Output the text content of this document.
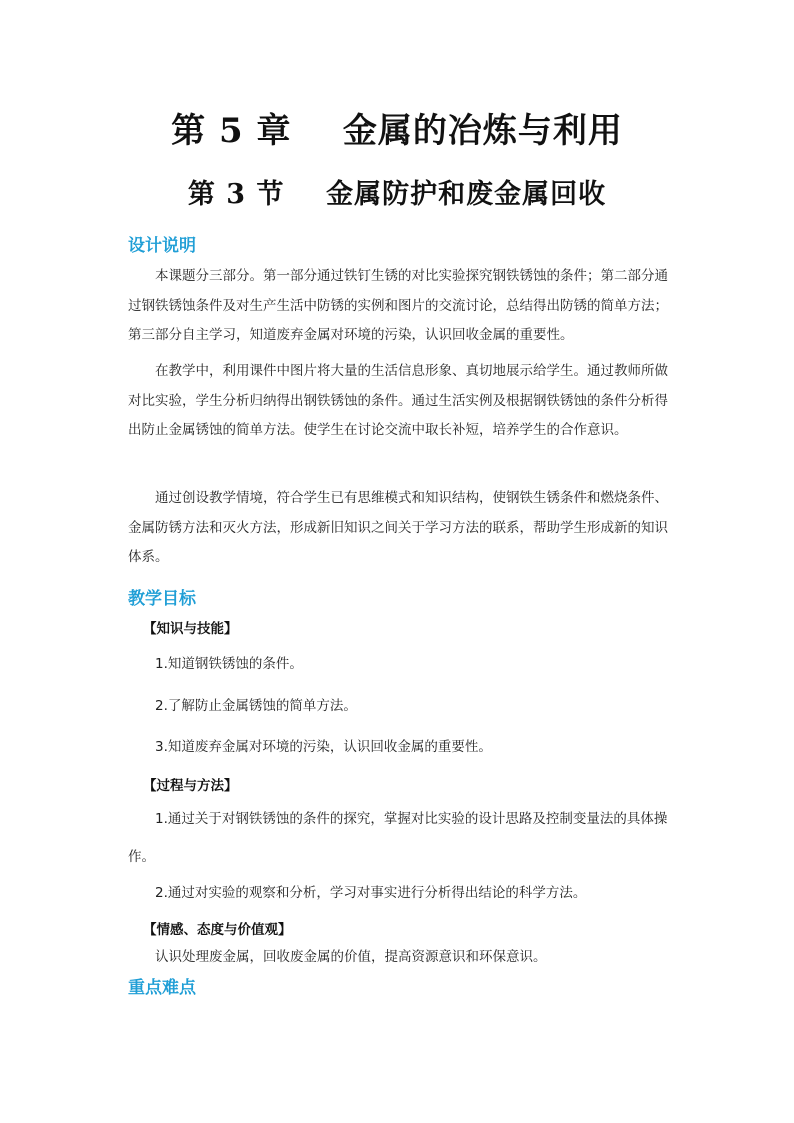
第 5 章    金属的冶炼与利用
第 3 节    金属防护和废金属回收
设计说明
本课题分三部分。第一部分通过铁钉生锈的对比实验探究钢铁锈蚀的条件；第二部分通过钢铁锈蚀条件及对生产生活中防锈的实例和图片的交流讨论，总结得出防锈的简单方法；第三部分自主学习，知道废弃金属对环境的污染，认识回收金属的重要性。
在教学中，利用课件中图片将大量的生活信息形象、真切地展示给学生。通过教师所做对比实验，学生分析归纳得出钢铁锈蚀的条件。通过生活实例及根据钢铁锈蚀的条件分析得出防止金属锈蚀的简单方法。使学生在讨论交流中取长补短，培养学生的合作意识。
通过创设教学情境，符合学生已有思维模式和知识结构，使钢铁生锈条件和燃烧条件、金属防锈方法和灭火方法，形成新旧知识之间关于学习方法的联系，帮助学生形成新的知识体系。
教学目标
【知识与技能】
1.知道钢铁锈蚀的条件。
2.了解防止金属锈蚀的简单方法。
3.知道废弃金属对环境的污染，认识回收金属的重要性。
【过程与方法】
1.通过关于对钢铁锈蚀的条件的探究，掌握对比实验的设计思路及控制变量法的具体操作。
2.通过对实验的观察和分析，学习对事实进行分析得出结论的科学方法。
【情感、态度与价值观】
认识处理废金属，回收废金属的价值，提高资源意识和环保意识。
重点难点
